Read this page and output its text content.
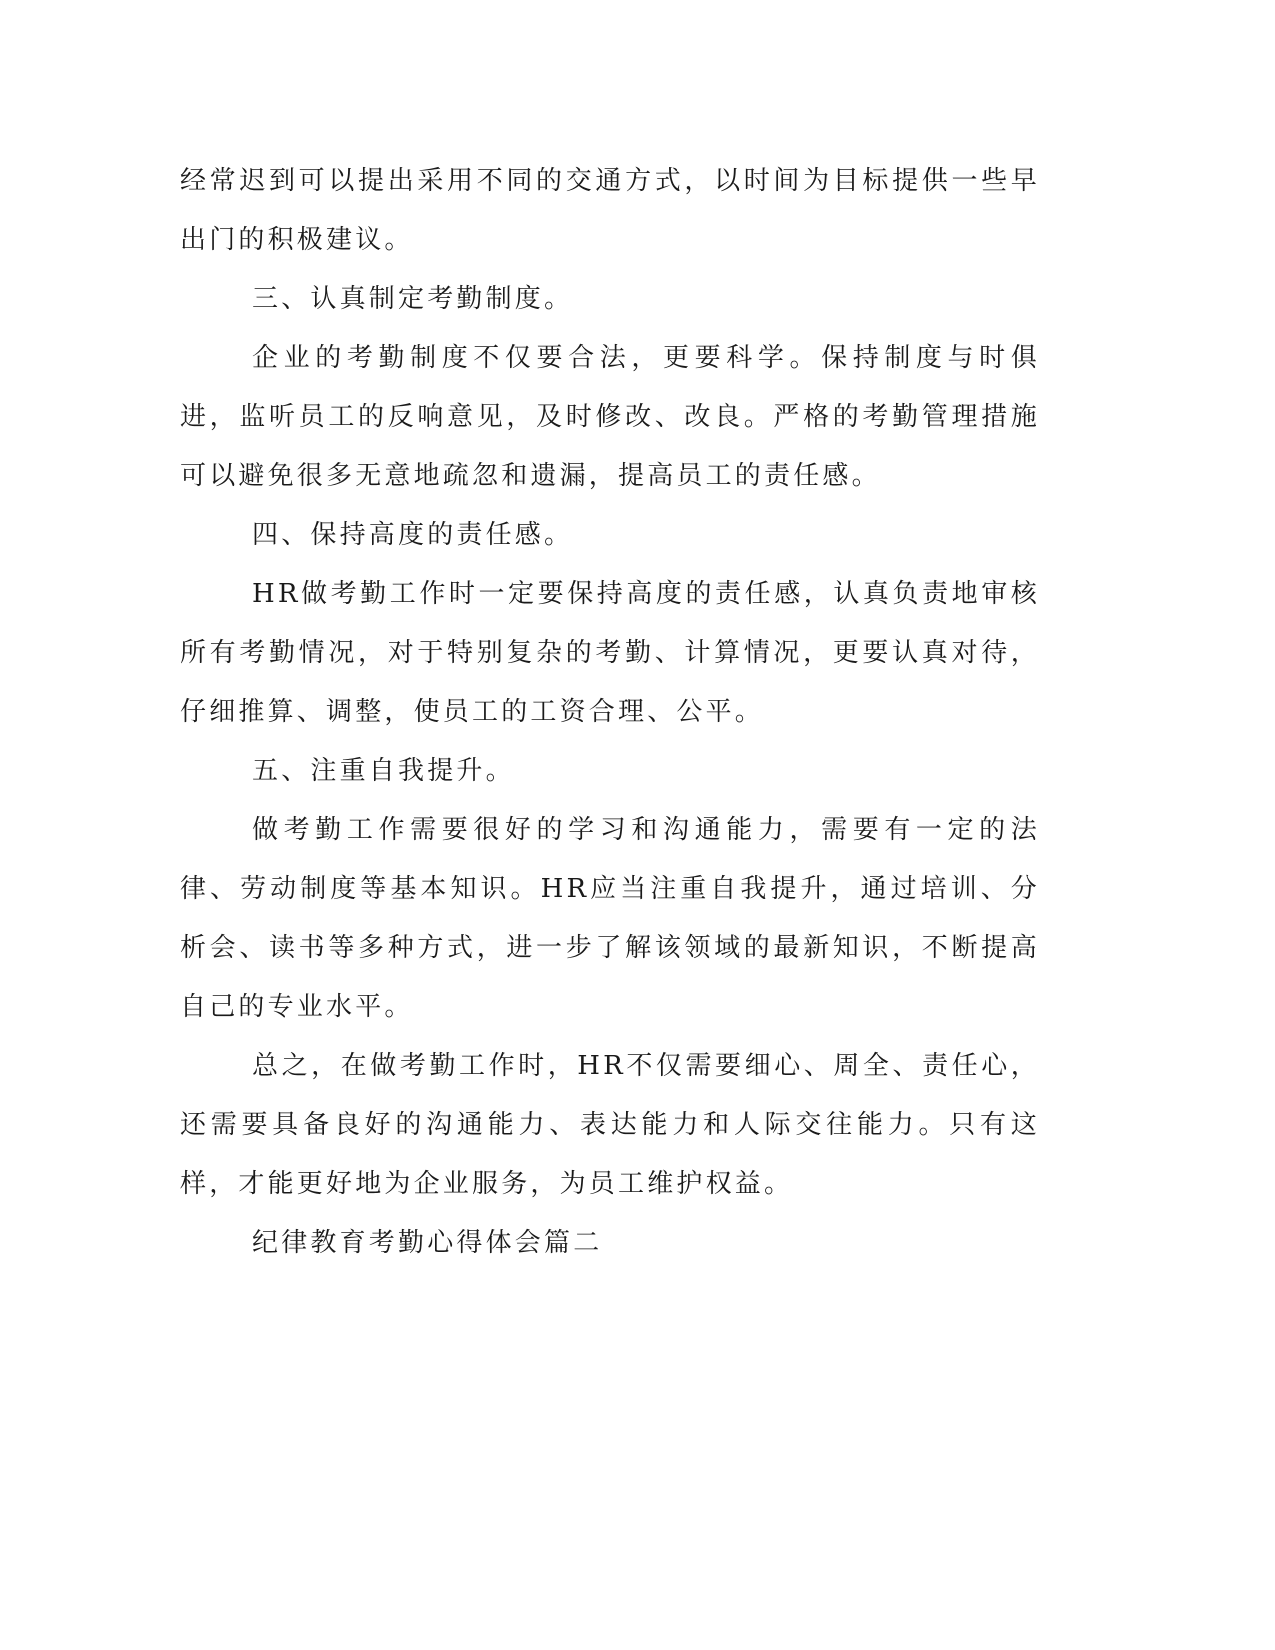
经常迟到可以提出采用不同的交通方式，以时间为目标提供一些早出门的积极建议。

三、认真制定考勤制度。

企业的考勤制度不仅要合法，更要科学。保持制度与时俱进，监听员工的反响意见，及时修改、改良。严格的考勤管理措施可以避免很多无意地疏忽和遗漏，提高员工的责任感。

四、保持高度的责任感。

HR做考勤工作时一定要保持高度的责任感，认真负责地审核所有考勤情况，对于特别复杂的考勤、计算情况，更要认真对待，仔细推算、调整，使员工的工资合理、公平。

五、注重自我提升。

做考勤工作需要很好的学习和沟通能力，需要有一定的法律、劳动制度等基本知识。HR应当注重自我提升，通过培训、分析会、读书等多种方式，进一步了解该领域的最新知识，不断提高自己的专业水平。

总之，在做考勤工作时，HR不仅需要细心、周全、责任心，还需要具备良好的沟通能力、表达能力和人际交往能力。只有这样，才能更好地为企业服务，为员工维护权益。

纪律教育考勤心得体会篇二
